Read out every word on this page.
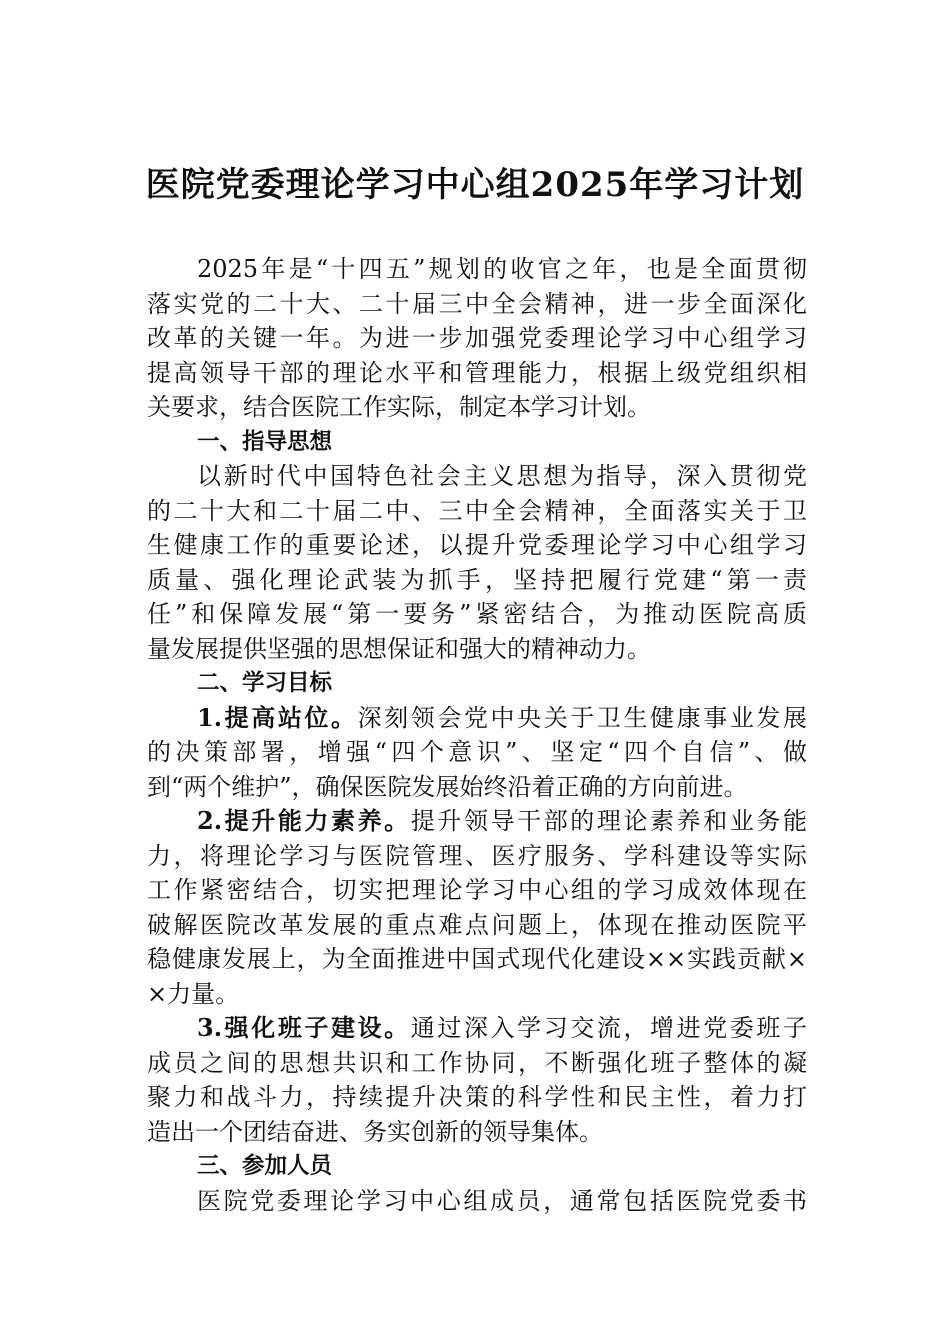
医院党委理论学习中心组2025年学习计划
2025年是“十四五”规划的收官之年，也是全面贯彻
落实党的二十大、二十届三中全会精神，进一步全面深化
改革的关键一年。为进一步加强党委理论学习中心组学习
提高领导干部的理论水平和管理能力，根据上级党组织相
关要求，结合医院工作实际，制定本学习计划。
一、指导思想
以新时代中国特色社会主义思想为指导，深入贯彻党
的二十大和二十届二中、三中全会精神，全面落实关于卫
生健康工作的重要论述，以提升党委理论学习中心组学习
质量、强化理论武装为抓手，坚持把履行党建“第一责
任”和保障发展“第一要务”紧密结合，为推动医院高质
量发展提供坚强的思想保证和强大的精神动力。
二、学习目标
1.提高站位。深刻领会党中央关于卫生健康事业发展
的决策部署，增强“四个意识”、坚定“四个自信”、做
到“两个维护”，确保医院发展始终沿着正确的方向前进。
2.提升能力素养。提升领导干部的理论素养和业务能
力，将理论学习与医院管理、医疗服务、学科建设等实际
工作紧密结合，切实把理论学习中心组的学习成效体现在
破解医院改革发展的重点难点问题上，体现在推动医院平
稳健康发展上，为全面推进中国式现代化建设××实践贡献×
×力量。
3.强化班子建设。通过深入学习交流，增进党委班子
成员之间的思想共识和工作协同，不断强化班子整体的凝
聚力和战斗力，持续提升决策的科学性和民主性，着力打
造出一个团结奋进、务实创新的领导集体。
三、参加人员
医院党委理论学习中心组成员，通常包括医院党委书
